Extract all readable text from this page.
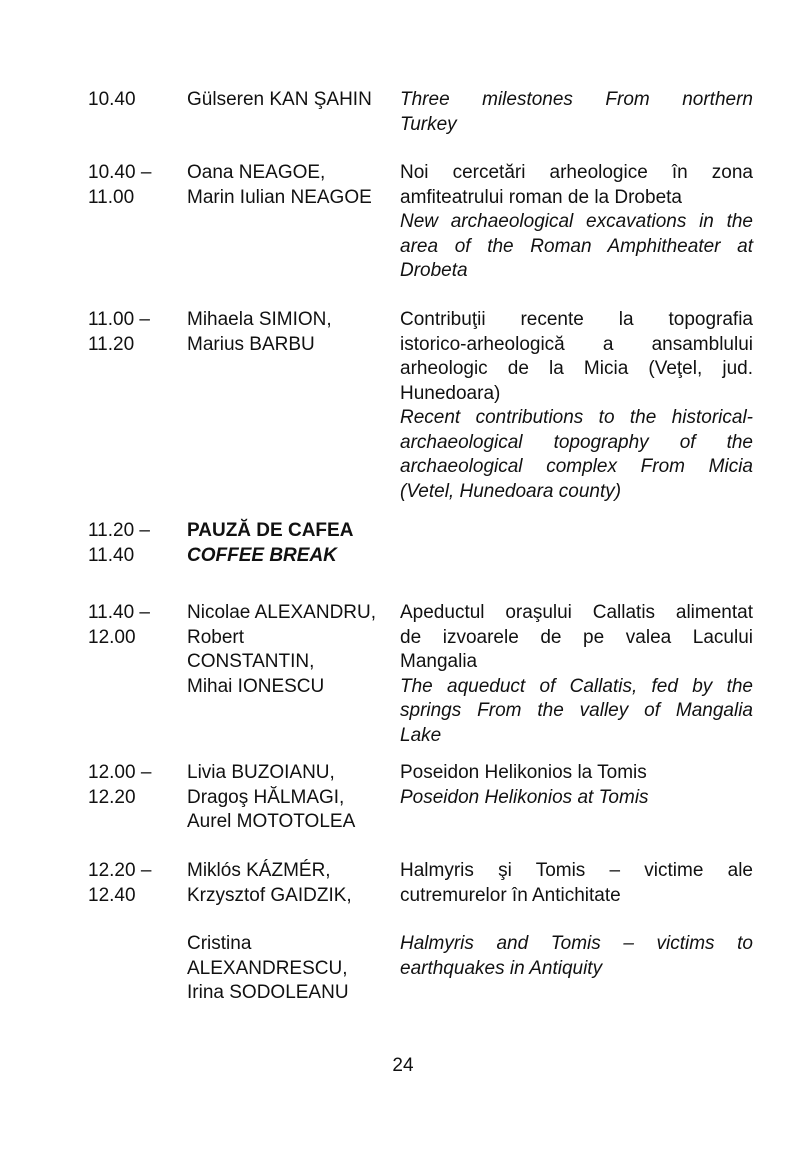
10.40	Gülseren KAN ŞAHIN	Three milestones From northern
Turkey
10.40 –
11.00
Oana NEAGOE,
Marin Iulian NEAGOE
Noi cercetări arheologice în zona
amfiteatrului roman de la Drobeta
New archaeological excavations in the
area of the Roman Amphitheater at
Drobeta
11.00 –
11.20
Mihaela SIMION,
Marius BARBU
Contribuţii recente la topografia
istorico-arheologică a ansamblului
arheologic de la Micia (Veţel, jud.
Hunedoara)
Recent contributions to the historical-
archaeological topography of the
archaeological complex From Micia
(Vetel, Hunedoara county)
11.20 –
11.40
PAUZĂ DE CAFEA
COFFEE BREAK
11.40 –
12.00
Nicolae ALEXANDRU,
Robert
CONSTANTIN,
Mihai IONESCU
Apeductul oraşului Callatis alimentat
de izvoarele de pe valea Lacului
Mangalia
The aqueduct of Callatis, fed by the
springs From the valley of Mangalia
Lake
12.00 –
12.20
Livia BUZOIANU,
Dragoş HĂLMAGI,
Aurel MOTOTOLEA
Poseidon Helikonios la Tomis
Poseidon Helikonios at Tomis
12.20 –
12.40
Miklós KÁZMÉR,
Krzysztof GAIDZIK,
Halmyris şi Tomis – victime ale
cutremurelor în Antichitate
Cristina
ALEXANDRESCU,
Irina SODOLEANU
Halmyris and Tomis – victims to
earthquakes in Antiquity
24
